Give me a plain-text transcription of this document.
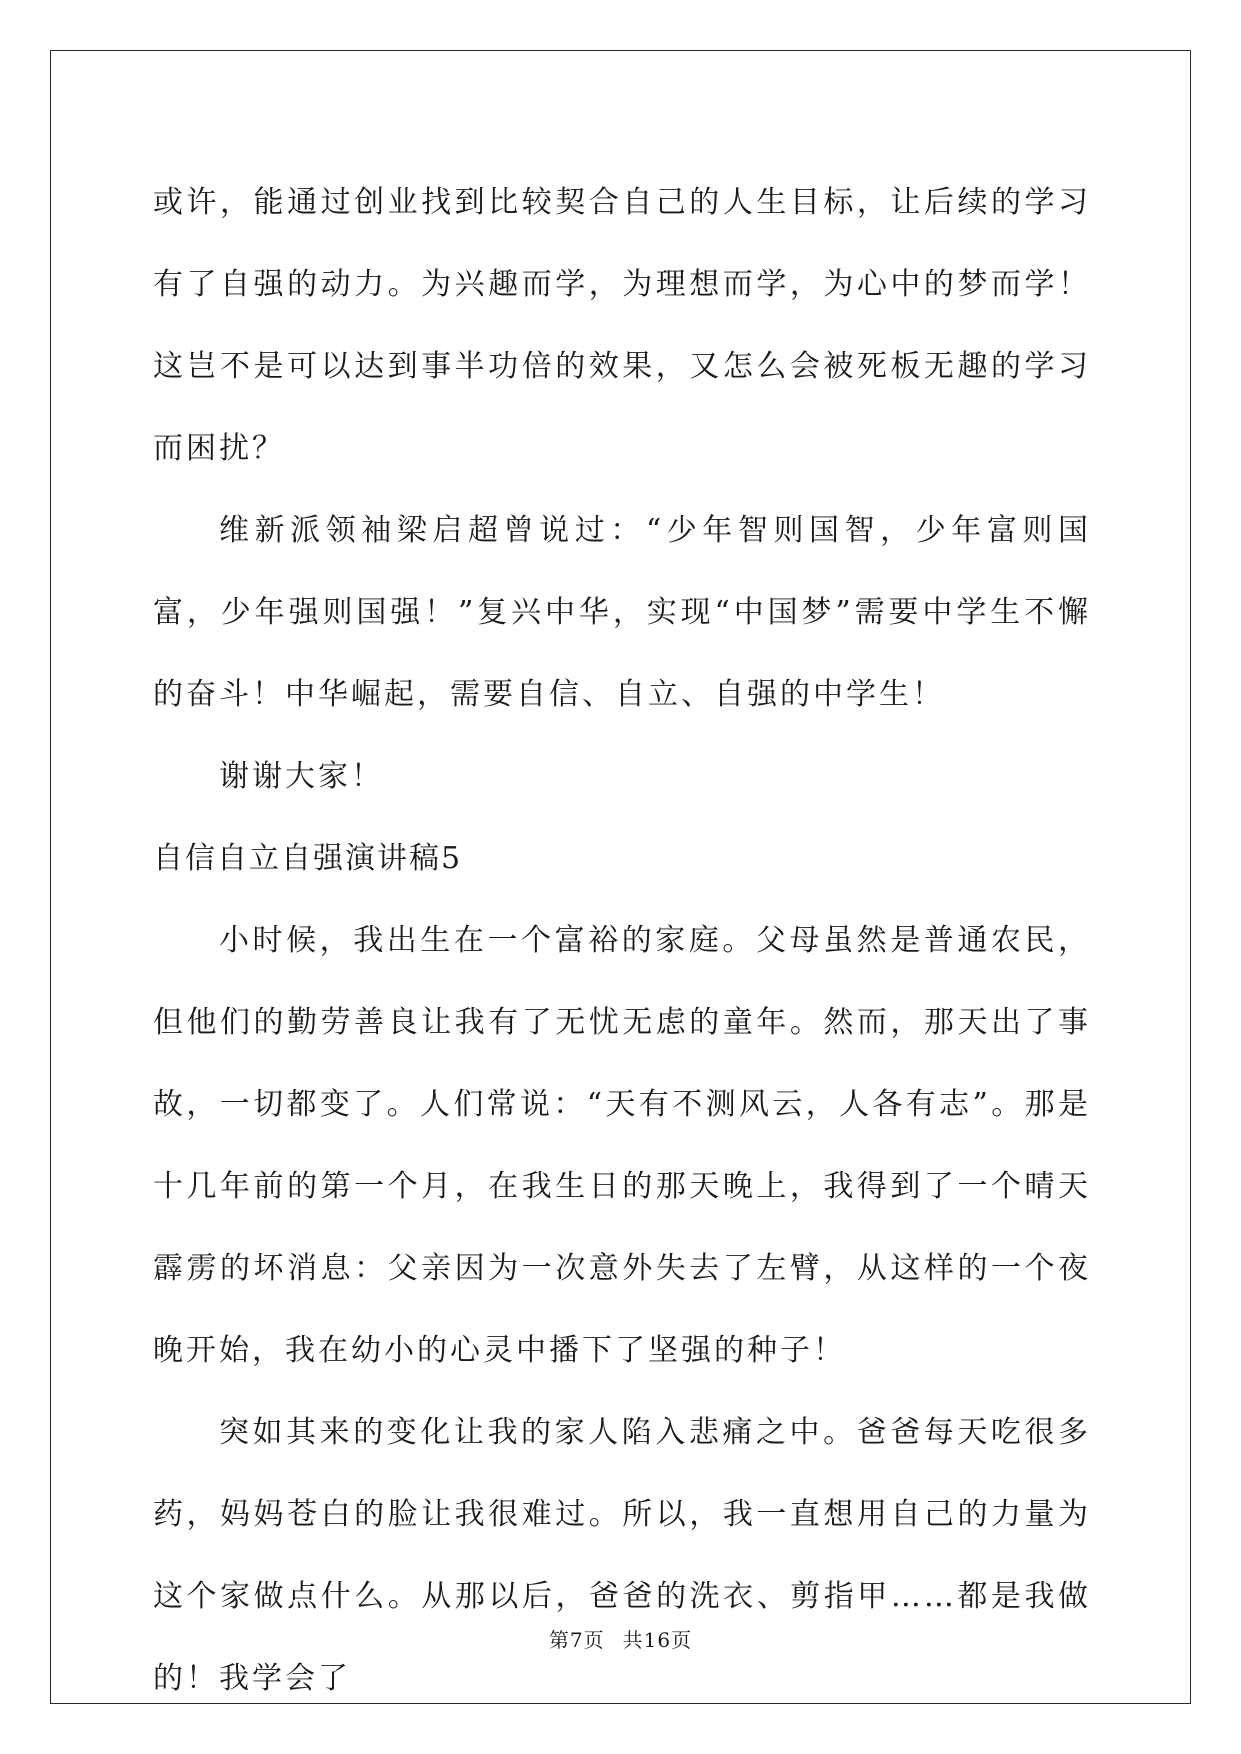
或许，能通过创业找到比较契合自己的人生目标，让后续的学习有了自强的动力。为兴趣而学，为理想而学，为心中的梦而学！这岂不是可以达到事半功倍的效果，又怎么会被死板无趣的学习而困扰？

维新派领袖梁启超曾说过：“少年智则国智，少年富则国富，少年强则国强！”复兴中华，实现“中国梦”需要中学生不懈的奋斗！中华崛起，需要自信、自立、自强的中学生！

谢谢大家！

自信自立自强演讲稿5

小时候，我出生在一个富裕的家庭。父母虽然是普通农民，但他们的勤劳善良让我有了无忧无虑的童年。然而，那天出了事故，一切都变了。人们常说：“天有不测风云，人各有志”。那是十几年前的第一个月，在我生日的那天晚上，我得到了一个晴天霹雳的坏消息：父亲因为一次意外失去了左臂，从这样的一个夜晚开始，我在幼小的心灵中播下了坚强的种子！

突如其来的变化让我的家人陷入悲痛之中。爸爸每天吃很多药，妈妈苍白的脸让我很难过。所以，我一直想用自己的力量为这个家做点什么。从那以后，爸爸的洗衣、剪指甲……都是我做的！我学会了

第7页 共16页
